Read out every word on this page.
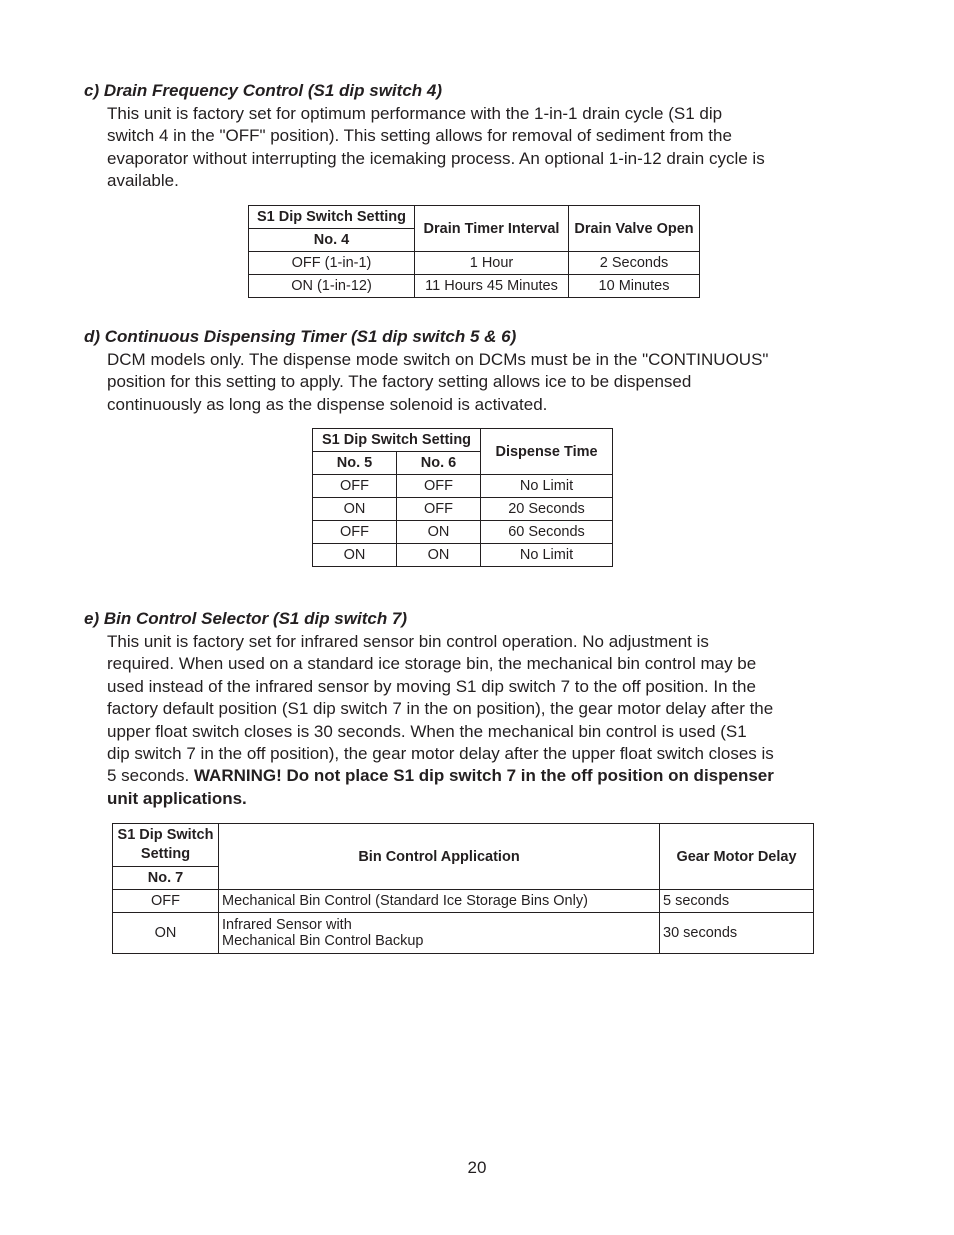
c) Drain Frequency Control (S1 dip switch 4)
This unit is factory set for optimum performance with the 1-in-1 drain cycle (S1 dip
switch 4 in the "OFF" position). This setting allows for removal of sediment from the
evaporator without interrupting the icemaking process. An optional 1-in-12 drain cycle is
available.
S1 Dip Switch Setting	Drain Timer Interval	Drain Valve Open
No. 4		
OFF (1-in-1)	1 Hour	2 Seconds
ON (1-in-12)	11 Hours 45 Minutes	10 Minutes
d) Continuous Dispensing Timer (S1 dip switch 5 & 6)
DCM models only. The dispense mode switch on DCMs must be in the "CONTINUOUS"
position for this setting to apply. The factory setting allows ice to be dispensed
continuously as long as the dispense solenoid is activated.
S1 Dip Switch Setting		Dispense Time
No. 5	No. 6	
OFF	OFF	No Limit
ON	OFF	20 Seconds
OFF	ON	60 Seconds
ON	ON	No Limit
e) Bin Control Selector (S1 dip switch 7)
This unit is factory set for infrared sensor bin control operation. No adjustment is
required. When used on a standard ice storage bin, the mechanical bin control may be
used instead of the infrared sensor by moving S1 dip switch 7 to the off position. In the
factory default position (S1 dip switch 7 in the on position), the gear motor delay after the
upper float switch closes is 30 seconds. When the mechanical bin control is used (S1
dip switch 7 in the off position), the gear motor delay after the upper float switch closes is
5 seconds. WARNING! Do not place S1 dip switch 7 in the off position on dispenser
unit applications.
S1 Dip Switch Setting	Bin Control Application	Gear Motor Delay
No. 7		
OFF	Mechanical Bin Control (Standard Ice Storage Bins Only)	5 seconds
ON	Infrared Sensor with
Mechanical Bin Control Backup	30 seconds
20
